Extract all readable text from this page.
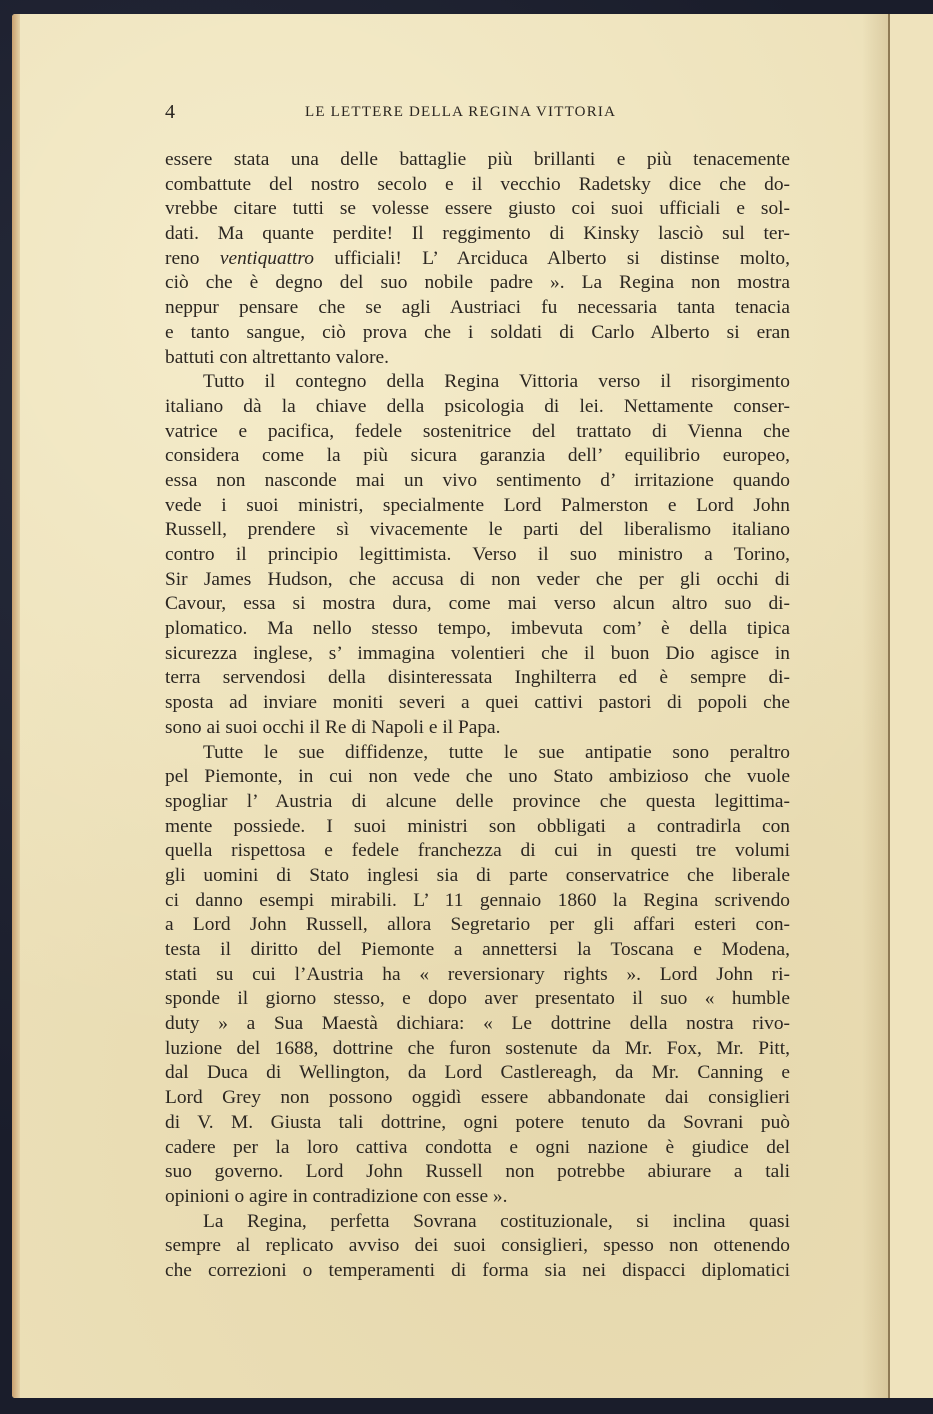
4	LE LETTERE DELLA REGINA VITTORIA
essere stata una delle battaglie più brillanti e più tenacemente
combattute del nostro secolo e il vecchio Radetsky dice che do-
vrebbe citare tutti se volesse essere giusto coi suoi ufficiali e sol-
dati. Ma quante perdite! Il reggimento di Kinsky lasciò sul ter-
reno ventiquattro ufficiali! L’ Arciduca Alberto si distinse molto,
ciò che è degno del suo nobile padre ». La Regina non mostra
neppur pensare che se agli Austriaci fu necessaria tanta tenacia
e tanto sangue, ciò prova che i soldati di Carlo Alberto si eran
battuti con altrettanto valore.
Tutto il contegno della Regina Vittoria verso il risorgimento
italiano dà la chiave della psicologia di lei. Nettamente conser-
vatrice e pacifica, fedele sostenitrice del trattato di Vienna che
considera come la più sicura garanzia dell’ equilibrio europeo,
essa non nasconde mai un vivo sentimento d’ irritazione quando
vede i suoi ministri, specialmente Lord Palmerston e Lord John
Russell, prendere sì vivacemente le parti del liberalismo italiano
contro il principio legittimista. Verso il suo ministro a Torino,
Sir James Hudson, che accusa di non veder che per gli occhi di
Cavour, essa si mostra dura, come mai verso alcun altro suo di-
plomatico. Ma nello stesso tempo, imbevuta com’ è della tipica
sicurezza inglese, s’ immagina volentieri che il buon Dio agisce in
terra servendosi della disinteressata Inghilterra ed è sempre di-
sposta ad inviare moniti severi a quei cattivi pastori di popoli che
sono ai suoi occhi il Re di Napoli e il Papa.
Tutte le sue diffidenze, tutte le sue antipatie sono peraltro
pel Piemonte, in cui non vede che uno Stato ambizioso che vuole
spogliar l’ Austria di alcune delle province che questa legittima-
mente possiede. I suoi ministri son obbligati a contradirla con
quella rispettosa e fedele franchezza di cui in questi tre volumi
gli uomini di Stato inglesi sia di parte conservatrice che liberale
ci danno esempi mirabili. L’ 11 gennaio 1860 la Regina scrivendo
a Lord John Russell, allora Segretario per gli affari esteri con-
testa il diritto del Piemonte a annettersi la Toscana e Modena,
stati su cui l’Austria ha « reversionary rights ». Lord John ri-
sponde il giorno stesso, e dopo aver presentato il suo « humble
duty » a Sua Maestà dichiara: « Le dottrine della nostra rivo-
luzione del 1688, dottrine che furon sostenute da Mr. Fox, Mr. Pitt,
dal Duca di Wellington, da Lord Castlereagh, da Mr. Canning e
Lord Grey non possono oggidì essere abbandonate dai consiglieri
di V. M. Giusta tali dottrine, ogni potere tenuto da Sovrani può
cadere per la loro cattiva condotta e ogni nazione è giudice del
suo governo. Lord John Russell non potrebbe abiurare a tali
opinioni o agire in contradizione con esse ».
La Regina, perfetta Sovrana costituzionale, si inclina quasi
sempre al replicato avviso dei suoi consiglieri, spesso non ottenendo
che correzioni o temperamenti di forma sia nei dispacci diplomatici
